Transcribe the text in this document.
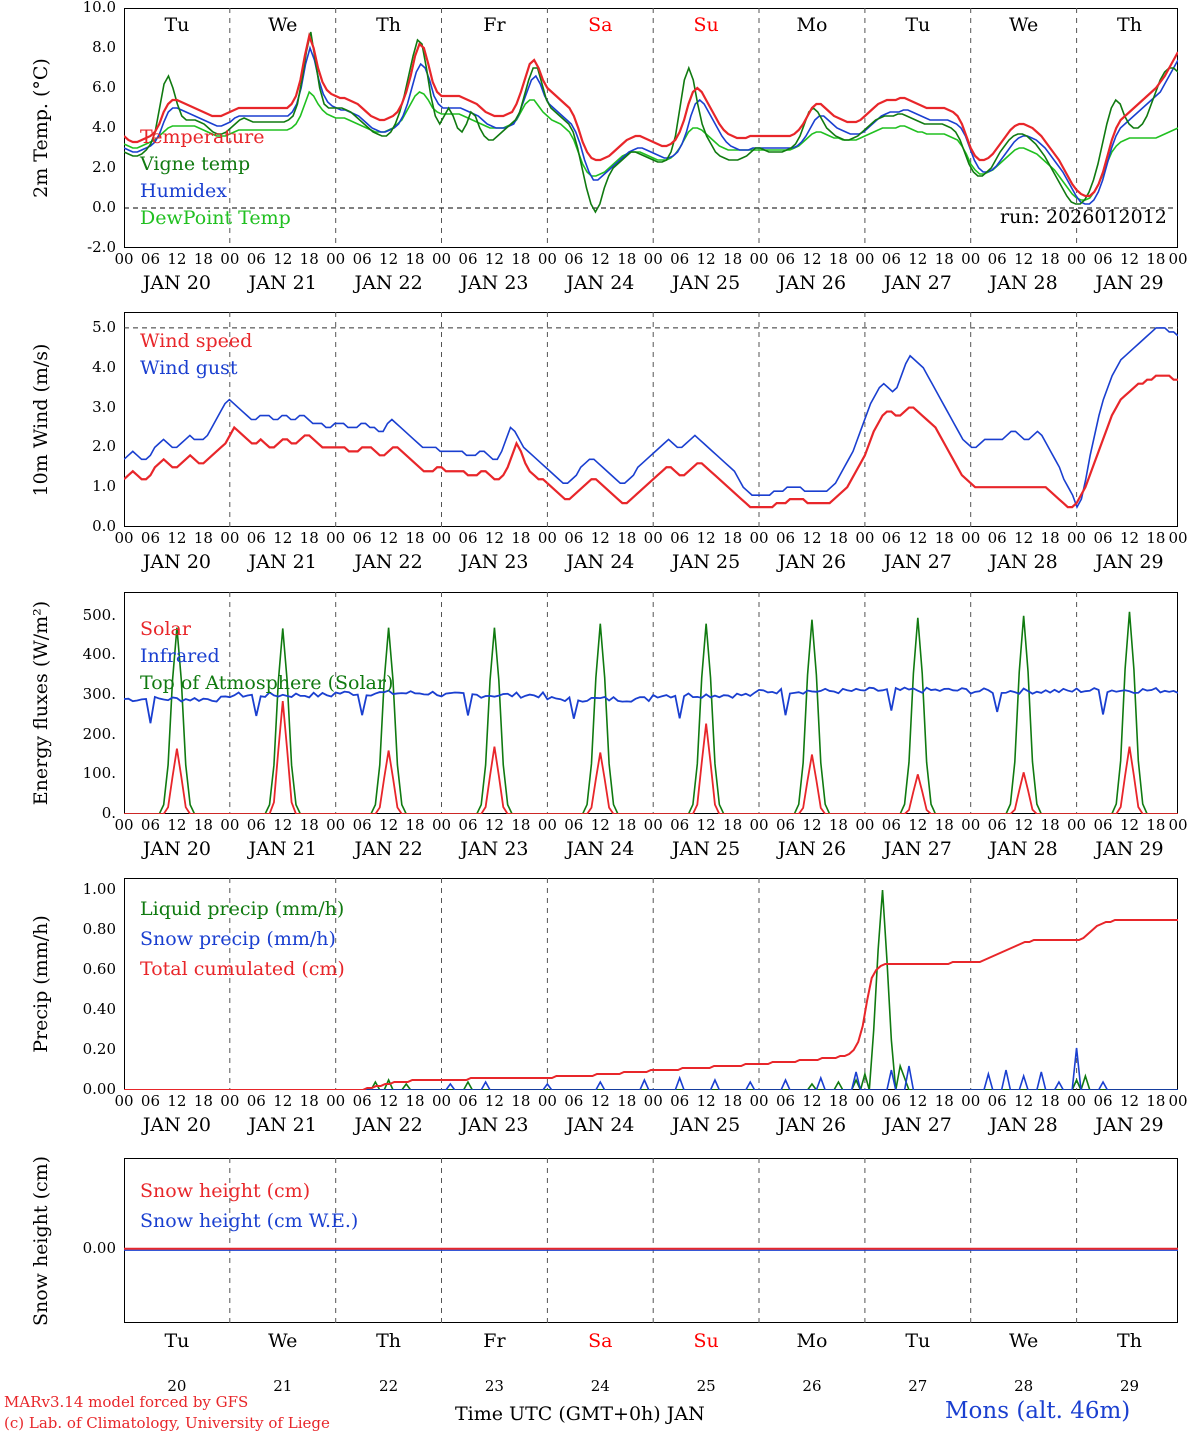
2m Temp. (°C)
-2.0
0.0
2.0
4.0
6.0
8.0
10.0
10m Wind (m/s)
0.0
1.0
2.0
3.0
4.0
5.0
Energy fluxes (W/m²)
0.
100.
200.
300.
400.
500.
Precip (mm/h)
0.00
0.20
0.40
0.60
0.80
1.00
Snow height (cm)	0.00
Temperature
Vigne temp
Humidex
DewPoint Temp
Wind speed
Wind gust
Solar
Infrared
Top of Atmosphere (Solar)
Liquid precip (mm/h)
Snow precip (mm/h)
Total cumulated (cm)
Snow height (cm)
Snow height (cm W.E.)
run: 2026012012
00 06 12 18 00 06 12 18 00 06 12 18 00 06 12 18 00 06 12 18 00 06 12 18 00 06 12 18 00 06 12 18 00 06 12 18 00 06 12 18 00
JAN 20	JAN 21	JAN 22	JAN 23	JAN 24	JAN 25	JAN 26	JAN 27	JAN 28	JAN 29
00 06 12 18 00 06 12 18 00 06 12 18 00 06 12 18 00 06 12 18 00 06 12 18 00 06 12 18 00 06 12 18 00 06 12 18 00 06 12 18 00
JAN 20	JAN 21	JAN 22	JAN 23	JAN 24	JAN 25	JAN 26	JAN 27	JAN 28	JAN 29
00 06 12 18 00 06 12 18 00 06 12 18 00 06 12 18 00 06 12 18 00 06 12 18 00 06 12 18 00 06 12 18 00 06 12 18 00 06 12 18 00
JAN 20	JAN 21	JAN 22	JAN 23	JAN 24	JAN 25	JAN 26	JAN 27	JAN 28	JAN 29
00 06 12 18 00 06 12 18 00 06 12 18 00 06 12 18 00 06 12 18 00 06 12 18 00 06 12 18 00 06 12 18 00 06 12 18 00 06 12 18 00
JAN 20	JAN 21	JAN 22	JAN 23	JAN 24	JAN 25	JAN 26	JAN 27	JAN 28	JAN 29
Tu	We	Th	Fr	Sa	Su	Mo	Tu	We	Th
Tu
20
We
21
Th
22
Fr
23
Sa
24
Su
25
Mo
26
Tu
27
We
28
Th
29
Time UTC (GMT+0h) JAN
MARv3.14 model forced by GFS
(c) Lab. of Climatology, University of Liege	Mons (alt. 46m)
